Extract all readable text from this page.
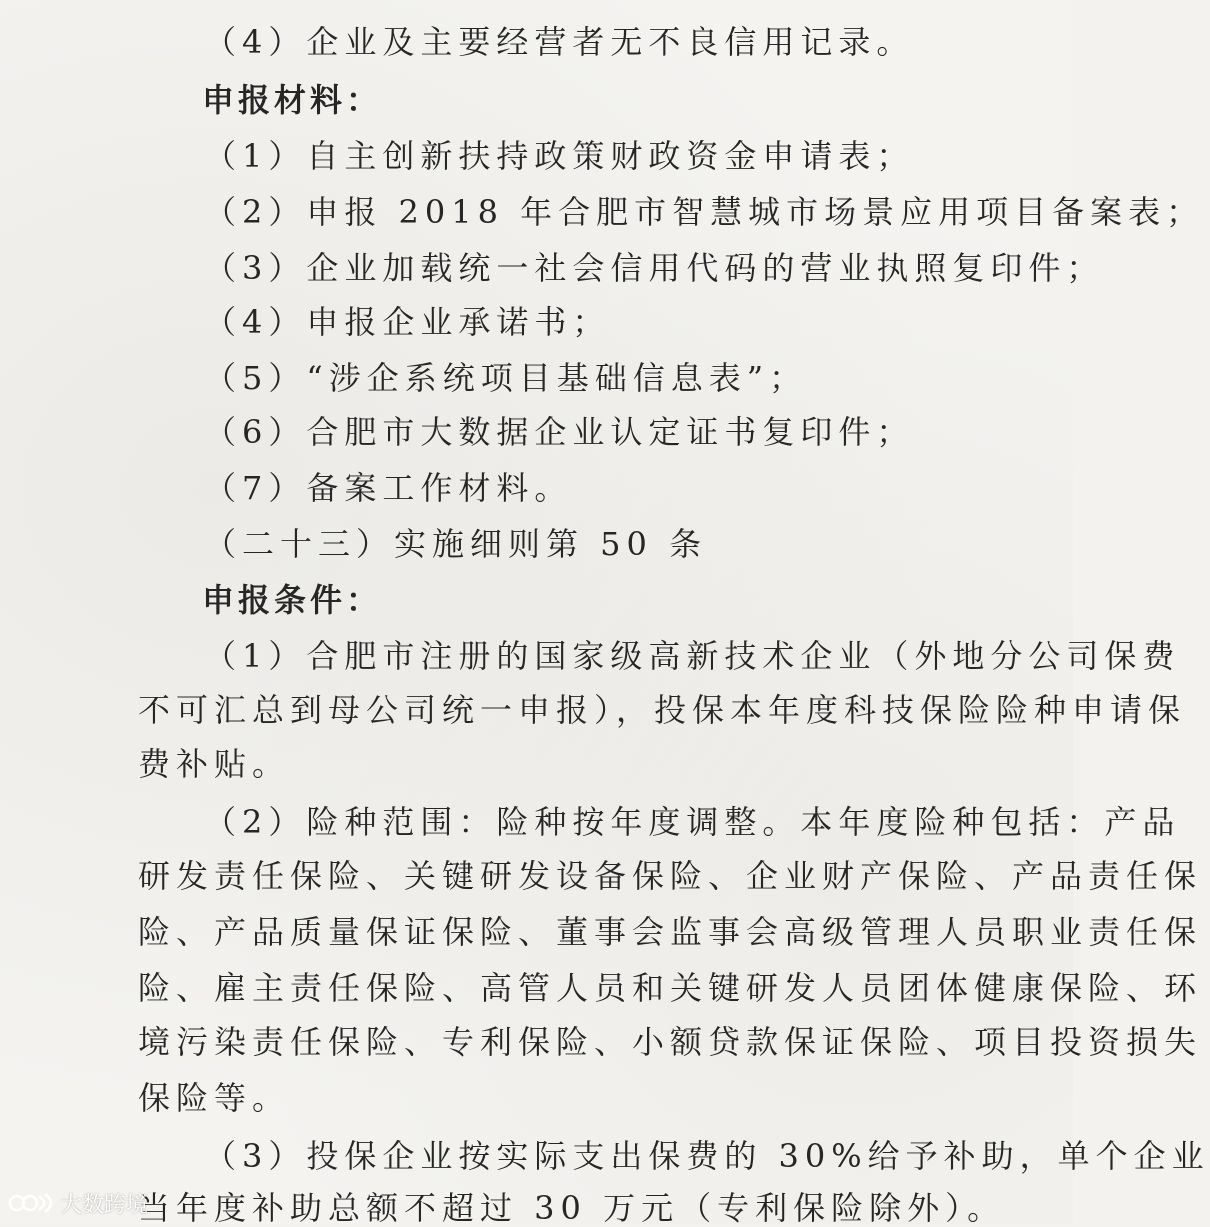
（4）企业及主要经营者无不良信用记录。
申报材料：
（1）自主创新扶持政策财政资金申请表；
（2）申报 2018 年合肥市智慧城市场景应用项目备案表；
（3）企业加载统一社会信用代码的营业执照复印件；
（4）申报企业承诺书；
（5）“涉企系统项目基础信息表”；
（6）合肥市大数据企业认定证书复印件；
（7）备案工作材料。
（二十三）实施细则第 50 条
申报条件：
（1）合肥市注册的国家级高新技术企业（外地分公司保费
不可汇总到母公司统一申报），投保本年度科技保险险种申请保
费补贴。
（2）险种范围：险种按年度调整。本年度险种包括：产品
研发责任保险、关键研发设备保险、企业财产保险、产品责任保
险、产品质量保证保险、董事会监事会高级管理人员职业责任保
险、雇主责任保险、高管人员和关键研发人员团体健康保险、环
境污染责任保险、专利保险、小额贷款保证保险、项目投资损失
保险等。
（3）投保企业按实际支出保费的 30%给予补助，单个企业
当年度补助总额不超过 30 万元（专利保险除外）。
大数跨境
